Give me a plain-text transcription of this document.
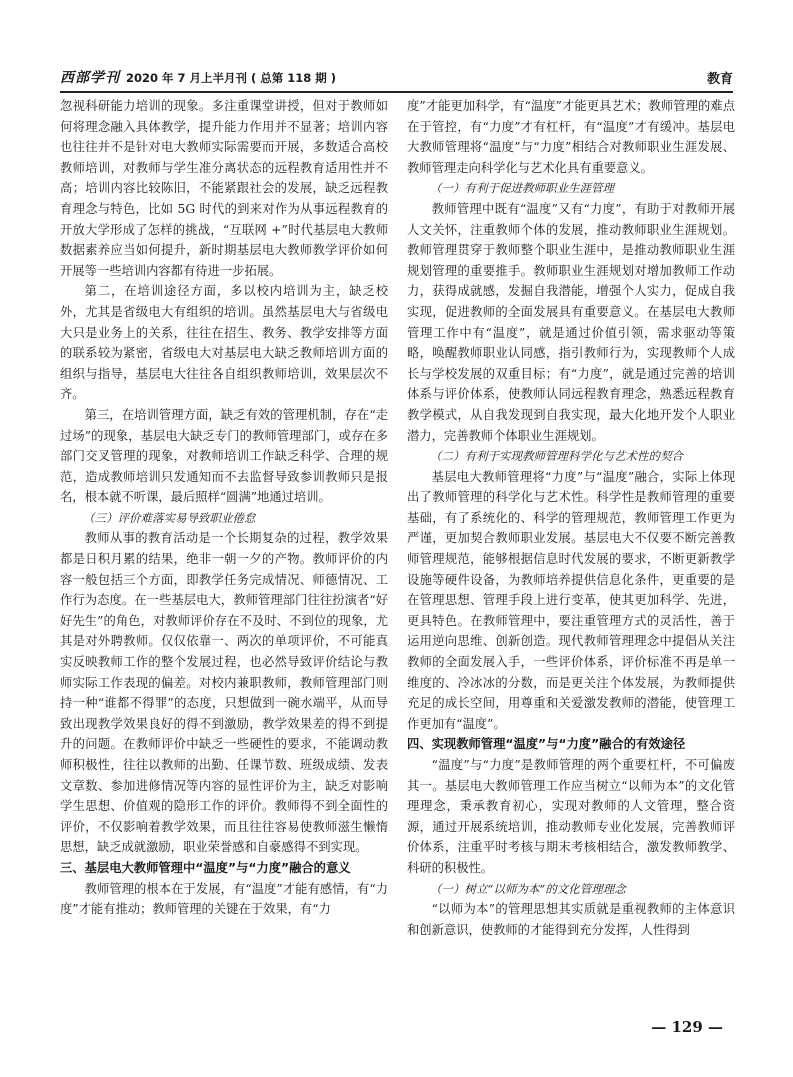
西部学刊 2020 年 7 月上半月刊 ( 总第 118 期 )	教育

忽视科研能力培训的现象。多注重课堂讲授，但对于教师如何将理念融入具体教学，提升能力作用并不显著；培训内容也往往并不是针对电大教师实际需要而开展，多数适合高校教师培训，对教师与学生准分离状态的远程教育适用性并不高；培训内容比较陈旧，不能紧跟社会的发展，缺乏远程教育理念与特色，比如 5G 时代的到来对作为从事远程教育的开放大学形成了怎样的挑战，“互联网 +”时代基层电大教师数据素养应当如何提升，新时期基层电大教师教学评价如何开展等一些培训内容都有待进一步拓展。

第二，在培训途径方面，多以校内培训为主，缺乏校外，尤其是省级电大有组织的培训。虽然基层电大与省级电大只是业务上的关系，往往在招生、教务、教学安排等方面的联系较为紧密，省级电大对基层电大缺乏教师培训方面的组织与指导，基层电大往往各自组织教师培训，效果层次不齐。

第三，在培训管理方面，缺乏有效的管理机制，存在“走过场”的现象，基层电大缺乏专门的教师管理部门，或存在多部门交叉管理的现象，对教师培训工作缺乏科学、合理的规范，造成教师培训只发通知而不去监督导致参训教师只是报名，根本就不听课，最后照样“圆满”地通过培训。

（三）评价难落实易导致职业倦怠

教师从事的教育活动是一个长期复杂的过程，教学效果都是日积月累的结果，绝非一朝一夕的产物。教师评价的内容一般包括三个方面，即教学任务完成情况、师德情况、工作行为态度。在一些基层电大，教师管理部门往往扮演者“好好先生”的角色，对教师评价存在不及时、不到位的现象，尤其是对外聘教师。仅仅依靠一、两次的单项评价，不可能真实反映教师工作的整个发展过程，也必然导致评价结论与教师实际工作表现的偏差。对校内兼职教师，教师管理部门则持一种“谁都不得罪”的态度，只想做到一碗水端平，从而导致出现教学效果良好的得不到激励，教学效果差的得不到提升的问题。在教师评价中缺乏一些硬性的要求，不能调动教师积极性，往往以教师的出勤、任课节数、班级成绩、发表文章数、参加进修情况等内容的显性评价为主，缺乏对影响学生思想、价值观的隐形工作的评价。教师得不到全面性的评价，不仅影响着教学效果，而且往往容易使教师滋生懒惰思想，缺乏成就激励，职业荣誉感和自豪感得不到实现。

三、基层电大教师管理中“温度”与“力度”融合的意义

教师管理的根本在于发展，有“温度”才能有感情，有“力度”才能有推动；教师管理的关键在于效果，有“力

度”才能更加科学，有“温度”才能更具艺术；教师管理的难点在于管控，有“力度”才有杠杆，有“温度”才有缓冲。基层电大教师管理将“温度”与“力度”相结合对教师职业生涯发展、教师管理走向科学化与艺术化具有重要意义。

（一）有利于促进教师职业生涯管理

教师管理中既有“温度”又有“力度”，有助于对教师开展人文关怀，注重教师个体的发展，推动教师职业生涯规划。教师管理贯穿于教师整个职业生涯中，是推动教师职业生涯规划管理的重要推手。教师职业生涯规划对增加教师工作动力，获得成就感，发掘自我潜能，增强个人实力，促成自我实现，促进教师的全面发展具有重要意义。在基层电大教师管理工作中有“温度”，就是通过价值引领，需求驱动等策略，唤醒教师职业认同感，指引教师行为，实现教师个人成长与学校发展的双重目标；有“力度”，就是通过完善的培训体系与评价体系，使教师认同远程教育理念，熟悉远程教育教学模式，从自我发现到自我实现，最大化地开发个人职业潜力，完善教师个体职业生涯规划。

（二）有利于实现教师管理科学化与艺术性的契合

基层电大教师管理将“力度”与“温度”融合，实际上体现出了教师管理的科学化与艺术性。科学性是教师管理的重要基础，有了系统化的、科学的管理规范，教师管理工作更为严谨，更加契合教师职业发展。基层电大不仅要不断完善教师管理规范，能够根据信息时代发展的要求，不断更新教学设施等硬件设备，为教师培养提供信息化条件，更重要的是在管理思想、管理手段上进行变革，使其更加科学、先进，更具特色。在教师管理中，要注重管理方式的灵活性，善于运用逆向思维、创新创造。现代教师管理理念中提倡从关注教师的全面发展入手，一些评价体系，评价标准不再是单一维度的、冷冰冰的分数，而是更关注个体发展，为教师提供充足的成长空间，用尊重和关爱激发教师的潜能，使管理工作更加有“温度”。

四、实现教师管理“温度”与“力度”融合的有效途径

“温度”与“力度”是教师管理的两个重要杠杆，不可偏废其一。基层电大教师管理工作应当树立“以师为本”的文化管理理念，秉承教育初心，实现对教师的人文管理，整合资源，通过开展系统培训，推动教师专业化发展，完善教师评价体系，注重平时考核与期末考核相结合，激发教师教学、科研的积极性。

（一）树立“以师为本”的文化管理理念

“以师为本”的管理思想其实质就是重视教师的主体意识和创新意识，使教师的才能得到充分发挥，人性得到

— 129 —
